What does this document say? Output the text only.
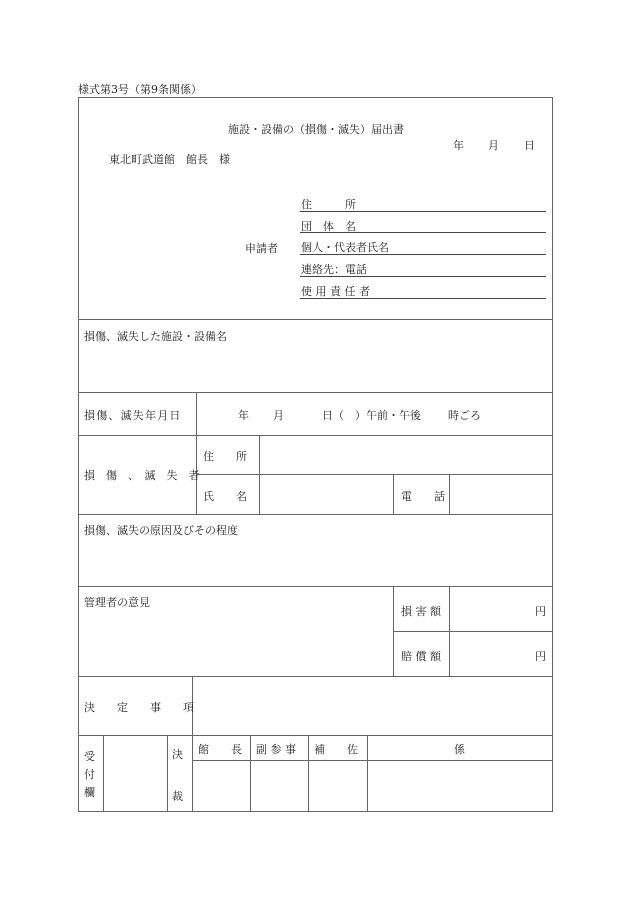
様式第3号（第9条関係）
施設・設備の（損傷・滅失）届出書
年 月 日
東北町武道館　館長　様
申請者
住　　　所
団　体　名
個人・代表者氏名
連絡先：電話
使 用 責 任 者
損傷、滅失した施設・設備名
損傷、滅失年月日	年 月	日（　）午前・午後 時ごろ
損　傷　、　滅　失　者
住　　所
氏　　名	電　　話
損傷、滅失の原因及びその程度
管理者の意見
損 害 額	円
賠 償 額	円
決　　定　　事　　項
受
付
欄
決
裁
館　　長 副 参 事 補　　佐	係
